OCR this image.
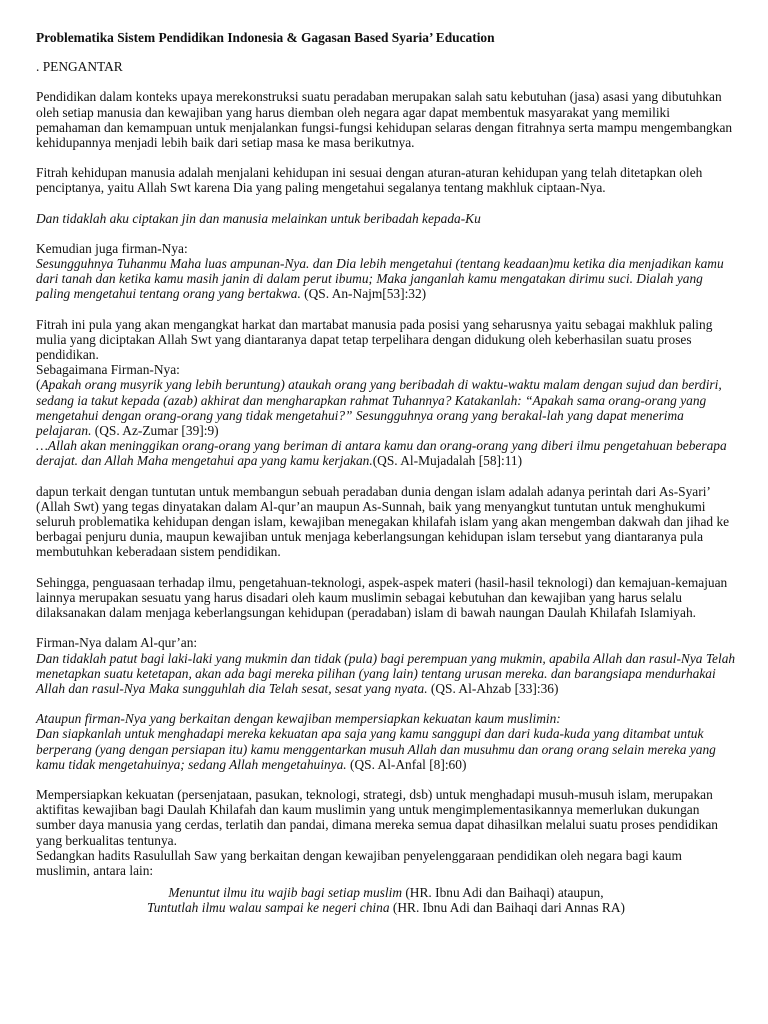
Problematika Sistem Pendidikan Indonesia & Gagasan Based Syaria’ Education

. PENGANTAR

Pendidikan dalam konteks upaya merekonstruksi suatu peradaban merupakan salah satu kebutuhan (jasa) asasi yang dibutuhkan oleh setiap manusia dan kewajiban yang harus diemban oleh negara agar dapat membentuk masyarakat yang memiliki pemahaman dan kemampuan untuk menjalankan fungsi-fungsi kehidupan selaras dengan fitrahnya serta mampu mengembangkan kehidupannya menjadi lebih baik dari setiap masa ke masa berikutnya.

Fitrah kehidupan manusia adalah menjalani kehidupan ini sesuai dengan aturan-aturan kehidupan yang telah ditetapkan oleh penciptanya, yaitu Allah Swt karena Dia yang paling mengetahui segalanya tentang makhluk ciptaan-Nya.

Dan tidaklah aku ciptakan jin dan manusia melainkan untuk beribadah kepada-Ku

Kemudian juga firman-Nya:
Sesungguhnya Tuhanmu Maha luas ampunan-Nya. dan Dia lebih mengetahui (tentang keadaan)mu ketika dia menjadikan kamu dari tanah dan ketika kamu masih janin di dalam perut ibumu; Maka janganlah kamu mengatakan dirimu suci. Dialah yang paling mengetahui tentang orang yang bertakwa. (QS. An-Najm[53]:32)

Fitrah ini pula yang akan mengangkat harkat dan martabat manusia pada posisi yang seharusnya yaitu sebagai makhluk paling mulia yang diciptakan Allah Swt yang diantaranya dapat tetap terpelihara dengan didukung oleh keberhasilan suatu proses pendidikan.

Sebagaimana Firman-Nya:

(Apakah orang musyrik yang lebih beruntung) ataukah orang yang beribadah di waktu-waktu malam dengan sujud dan berdiri, sedang ia takut kepada (azab) akhirat dan mengharapkan rahmat Tuhannya? Katakanlah: “Apakah sama orang-orang yang mengetahui dengan orang-orang yang tidak mengetahui?” Sesungguhnya orang yang berakal-lah yang dapat menerima pelajaran. (QS. Az-Zumar [39]:9)

…Allah akan meninggikan orang-orang yang beriman di antara kamu dan orang-orang yang diberi ilmu pengetahuan beberapa derajat. dan Allah Maha mengetahui apa yang kamu kerjakan.(QS. Al-Mujadalah [58]:11)

dapun terkait dengan tuntutan untuk membangun sebuah peradaban dunia dengan islam adalah adanya perintah dari As-Syari’ (Allah Swt) yang tegas dinyatakan dalam Al-qur’an maupun As-Sunnah, baik yang menyangkut tuntutan untuk menghukumi seluruh problematika kehidupan dengan islam, kewajiban menegakan khilafah islam yang akan mengemban dakwah dan jihad ke berbagai penjuru dunia, maupun kewajiban untuk menjaga keberlangsungan kehidupan islam tersebut yang diantaranya pula membutuhkan keberadaan sistem pendidikan.

Sehingga, penguasaan terhadap ilmu, pengetahuan-teknologi, aspek-aspek materi (hasil-hasil teknologi) dan kemajuan-kemajuan lainnya merupakan sesuatu yang harus disadari oleh kaum muslimin sebagai kebutuhan dan kewajiban yang harus selalu dilaksanakan dalam menjaga keberlangsungan kehidupan (peradaban) islam di bawah naungan Daulah Khilafah Islamiyah.

Firman-Nya dalam Al-qur’an:
Dan tidaklah patut bagi laki-laki yang mukmin dan tidak (pula) bagi perempuan yang mukmin, apabila Allah dan rasul-Nya Telah menetapkan suatu ketetapan, akan ada bagi mereka pilihan (yang lain) tentang urusan mereka. dan barangsiapa mendurhakai Allah dan rasul-Nya Maka sungguhlah dia Telah sesat, sesat yang nyata. (QS. Al-Ahzab [33]:36)

Ataupun firman-Nya yang berkaitan dengan kewajiban mempersiapkan kekuatan kaum muslimin:
Dan siapkanlah untuk menghadapi mereka kekuatan apa saja yang kamu sanggupi dan dari kuda-kuda yang ditambat untuk berperang (yang dengan persiapan itu) kamu menggentarkan musuh Allah dan musuhmu dan orang orang selain mereka yang kamu tidak mengetahuinya; sedang Allah mengetahuinya. (QS. Al-Anfal [8]:60)

Mempersiapkan kekuatan (persenjataan, pasukan, teknologi, strategi, dsb) untuk menghadapi musuh-musuh islam, merupakan aktifitas kewajiban bagi Daulah Khilafah dan kaum muslimin yang untuk mengimplementasikannya memerlukan dukungan sumber daya manusia yang cerdas, terlatih dan pandai, dimana mereka semua dapat dihasilkan melalui suatu proses pendidikan yang berkualitas tentunya.

Sedangkan hadits Rasulullah Saw yang berkaitan dengan kewajiban penyelenggaraan pendidikan oleh negara bagi kaum muslimin, antara lain:

Menuntut ilmu itu wajib bagi setiap muslim (HR. Ibnu Adi dan Baihaqi) ataupun,

Tuntutlah ilmu walau sampai ke negeri china (HR. Ibnu Adi dan Baihaqi dari Annas RA)
